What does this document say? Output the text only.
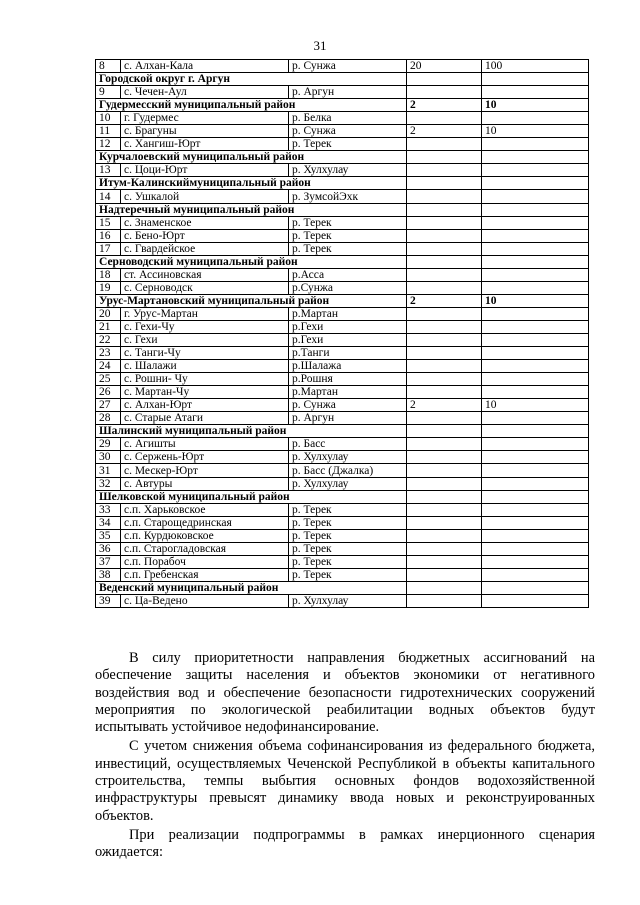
31
8	с. Алхан-Кала	р. Сунжа	20	100
Городской округ г. Аргун				
9	с. Чечен-Аул	р. Аргун		
Гудермесский муниципальный район			2	10
10	г. Гудермес	р. Белка		
11	с. Брагуны	р. Сунжа	2	10
12	с. Хангиш-Юрт	р. Терек		
Курчалоевский муниципальный район				
13	с. Цоци-Юрт	р. Хулхулау		
Итум-Калинскиймуниципальный район				
14	с. Ушкалой	р. ЗумсойЭхк		
Надтеречный муниципальный район				
15	с. Знаменское	р. Терек		
16	с. Бено-Юрт	р. Терек		
17	с. Гвардейское	р. Терек		
Серноводский муниципальный район				
18	ст. Ассиновская	р.Асса		
19	с. Серноводск	р.Сунжа		
Урус-Мартановский муниципальный район			2	10
20	г. Урус-Мартан	р.Мартан		
21	с. Гехи-Чу	р.Гехи		
22	с. Гехи	р.Гехи		
23	с. Танги-Чу	р.Танги		
24	с. Шалажи	р.Шалажа		
25	с. Рошни- Чу	р.Рошня		
26	с. Мартан-Чу	р.Мартан		
27	с. Алхан-Юрт	р. Сунжа	2	10
28	с. Старые Атаги	р. Аргун		
Шалинский муниципальный район				
29	с. Агишты	р. Басс		
30	с. Сержень-Юрт	р. Хулхулау		
31	с. Мескер-Юрт	р. Басс (Джалка)		
32	с. Автуры	р. Хулхулау		
Шелковской муниципальный район				
33	с.п. Харьковское	р. Терек		
34	с.п. Старощедринская	р. Терек		
35	с.п. Курдюковское	р. Терек		
36	с.п. Старогладовская	р. Терек		
37	с.п. Порабоч	р. Терек		
38	с.п. Гребенская	р. Терек		
Веденский муниципальный район				
39	с. Ца-Ведено	р. Хулхулау		

В силу приоритетности направления бюджетных ассигнований на обеспечение защиты населения и объектов экономики от негативного воздействия вод и обеспечение безопасности гидротехнических сооружений мероприятия по экологической реабилитации водных объектов будут испытывать устойчивое недофинансирование.

С учетом снижения объема софинансирования из федерального бюджета, инвестиций, осуществляемых Чеченской Республикой в объекты капитального строительства, темпы выбытия основных фондов водохозяйственной инфраструктуры превысят динамику ввода новых и реконструированных объектов.

При реализации подпрограммы в рамках инерционного сценария ожидается:
